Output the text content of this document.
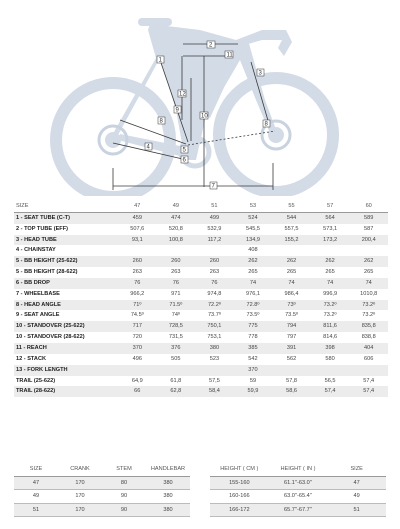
2
11
1
3
12
10
9
8	8
5
6
4
7
SIZE	47	49	51	53	55	57	60
1 - SEAT TUBE (C-T)	459	474	499	524	544	564	589
2 - TOP TUBE (EFF)	507,6	520,8	532,9	545,5	557,5	573,1	587
3 - HEAD TUBE	93,1	100,8	117,2	134,9	155,2	173,2	200,4
4 - CHAINSTAY				408			
5 - BB HEIGHT (25-622)	260	260	260	262	262	262	262
5 - BB HEIGHT (28-622)	263	263	263	265	265	265	265
6 - BB DROP	76	76	76	74	74	74	74
7 - WHEELBASE	966,2	971	974,8	976,1	986,4	996,9	1010,8
8 - HEAD ANGLE	71º	71.5º	72.2º	72.8º	73º	73.2º	73.2º
9 - SEAT ANGLE	74.5º	74º	73.7º	73.5º	73.5º	73.2º	73.2º
10 - STANDOVER (25-622)	717	728,5	750,1	775	794	811,6	835,8
10 - STANDOVER (28-622)	720	731,5	753,1	778	797	814,6	838,8
11 - REACH	370	376	380	385	391	398	404
12 - STACK	496	505	523	542	562	580	606
13 - FORK LENGTH				370			
TRAIL (25-622)	64,9	61,8	57,5	59	57,8	56,5	57,4
TRAIL (28-622)	66	62,8	58,4	59,9	58,6	57,4	57,4
SIZE	CRANK	STEM	HANDLEBAR
47	170	80	380
49	170	90	380
51	170	90	380
HEIGHT ( CM )	HEIGHT ( IN )	SIZE
155-160	61.1''-63.0''	47
160-166	63.0''-65.4''	49
166-172	65.7''-67.7''	51
